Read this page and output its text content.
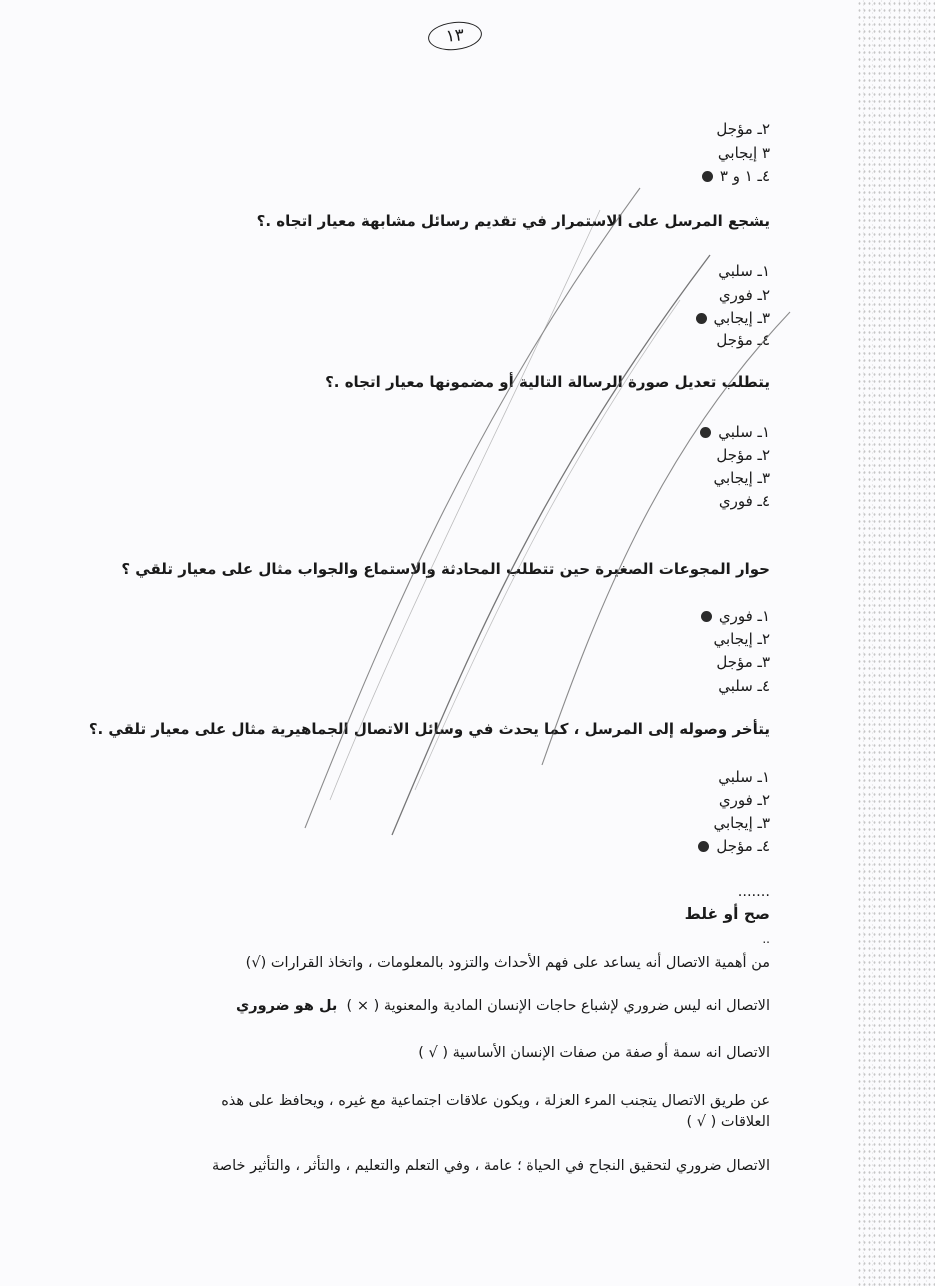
١٣
٢ـ مؤجل
٣ إيجابي
٤ـ ١ و ٣
يشجع المرسل على الاستمرار في تقديم رسائل مشابهة معيار اتجاه .؟
١ـ سلبي
٢ـ فوري
٣ـ إيجابي
٤ـ مؤجل
يتطلب تعديل صورة الرسالة التالية أو مضمونها معيار اتجاه .؟
١ـ سلبي
٢ـ مؤجل
٣ـ إيجابي
٤ـ فوري
حوار المجوعات الصغيرة حين تتطلب المحادثة والاستماع والجواب مثال على معيار تلقي ؟
١ـ فوري
٢ـ إيجابي
٣ـ مؤجل
٤ـ سلبي
يتأخر وصوله إلى المرسل ، كما يحدث في وسائل الاتصال الجماهيرية مثال على معيار تلقي .؟
١ـ سلبي
٢ـ فوري
٣ـ إيجابي
٤ـ مؤجل
.......
صح أو غلط
..
من أهمية الاتصال أنه يساعد على فهم الأحداث والتزود بالمعلومات ، واتخاذ القرارات (√)
الاتصال انه ليس ضروري لإشباع حاجات الإنسان المادية والمعنوية ( × )  بل هو ضروري
الاتصال انه سمة أو صفة من صفات الإنسان الأساسية ( √ )
عن طريق الاتصال يتجنب المرء العزلة ، ويكون علاقات اجتماعية مع غيره ، ويحافظ على هذه
العلاقات ( √ )
الاتصال ضروري لتحقيق النجاح في الحياة ؛ عامة ، وفي التعلم والتعليم ، والتأثر ، والتأثير خاصة
